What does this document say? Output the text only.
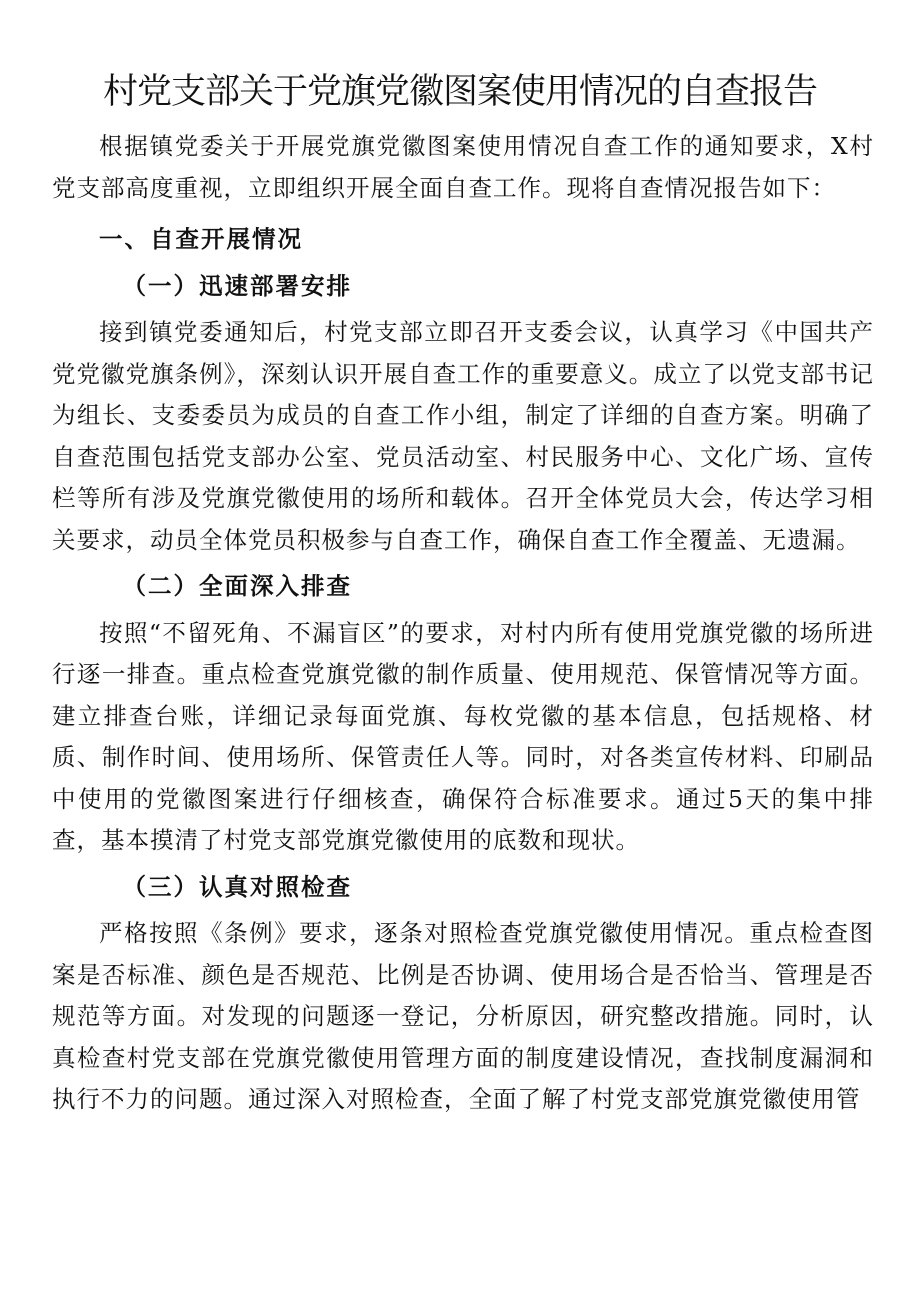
村党支部关于党旗党徽图案使用情况的自查报告

根据镇党委关于开展党旗党徽图案使用情况自查工作的通知要求，X村党支部高度重视，立即组织开展全面自查工作。现将自查情况报告如下：

一、自查开展情况
（一）迅速部署安排

接到镇党委通知后，村党支部立即召开支委会议，认真学习《中国共产党党徽党旗条例》，深刻认识开展自查工作的重要意义。成立了以党支部书记为组长、支委委员为成员的自查工作小组，制定了详细的自查方案。明确了自查范围包括党支部办公室、党员活动室、村民服务中心、文化广场、宣传栏等所有涉及党旗党徽使用的场所和载体。召开全体党员大会，传达学习相关要求，动员全体党员积极参与自查工作，确保自查工作全覆盖、无遗漏。

（二）全面深入排查

按照“不留死角、不漏盲区”的要求，对村内所有使用党旗党徽的场所进行逐一排查。重点检查党旗党徽的制作质量、使用规范、保管情况等方面。建立排查台账，详细记录每面党旗、每枚党徽的基本信息，包括规格、材质、制作时间、使用场所、保管责任人等。同时，对各类宣传材料、印刷品中使用的党徽图案进行仔细核查，确保符合标准要求。通过5天的集中排查，基本摸清了村党支部党旗党徽使用的底数和现状。

（三）认真对照检查

严格按照《条例》要求，逐条对照检查党旗党徽使用情况。重点检查图案是否标准、颜色是否规范、比例是否协调、使用场合是否恰当、管理是否规范等方面。对发现的问题逐一登记，分析原因，研究整改措施。同时，认真检查村党支部在党旗党徽使用管理方面的制度建设情况，查找制度漏洞和执行不力的问题。通过深入对照检查，全面了解了村党支部党旗党徽使用管
